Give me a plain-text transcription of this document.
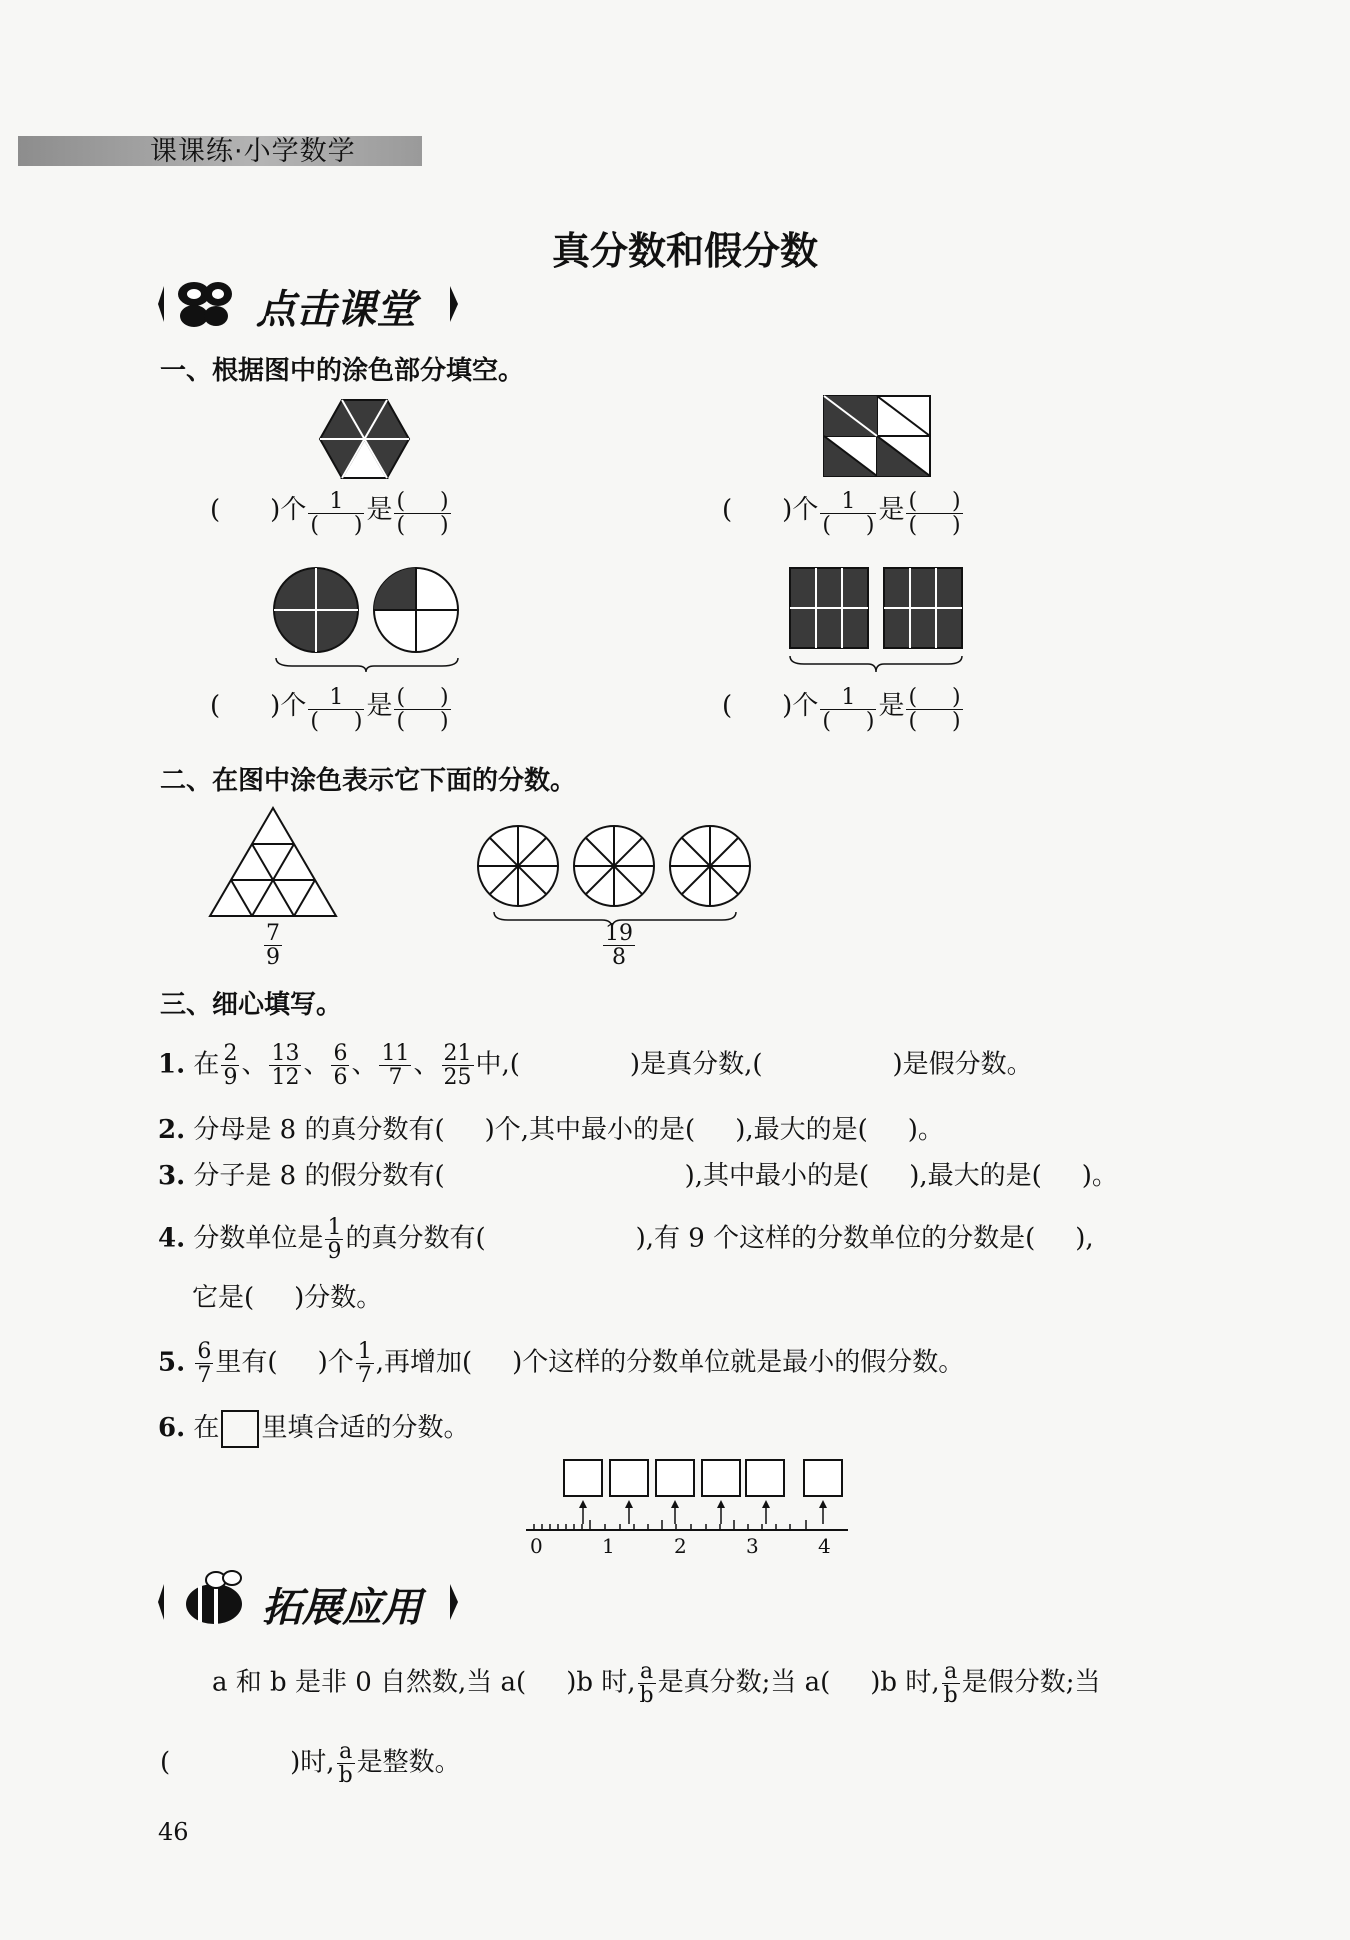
课课练·小学数学
真分数和假分数
点击课堂
一、根据图中的涂色部分填空。
( )个 $\frac{1}{( )}$ 是 $\frac{( )}{( )}$	( )个 $\frac{1}{( )}$ 是 $\frac{( )}{( )}$
( )个 $\frac{1}{( )}$ 是 $\frac{( )}{( )}$	( )个 $\frac{1}{( )}$ 是 $\frac{( )}{( )}$
二、在图中涂色表示它下面的分数。
$\frac{7}{9}$	$\frac{19}{8}$
三、细心填写。
1. 在 $\frac{2}{9}$ 、 $\frac{13}{12}$ 、 $\frac{6}{6}$ 、 $\frac{11}{7}$ 、 $\frac{21}{25}$ 中,(	)是真分数,(	)是假分数。
2. 分母是 8 的真分数有( )个,其中最小的是( ),最大的是( )。
3. 分子是 8 的假分数有(	),其中最小的是( ),最大的是( )。
4. 分数单位是 $\frac{1}{9}$ 的真分数有(	),有 9 个这样的分数单位的分数是( ),
它是( )分数。
5. $\frac{6}{7}$ 里有( )个 $\frac{1}{7}$ ,再增加( )个这样的分数单位就是最小的假分数。
6. 在 里填合适的分数。
0	1	2	3	4
拓展应用
a 和 b 是非 0 自然数,当 a( )b 时, $\frac{a}{b}$ 是真分数;当 a( )b 时, $\frac{a}{b}$ 是假分数;当
(	)时, $\frac{a}{b}$ 是整数。
46
